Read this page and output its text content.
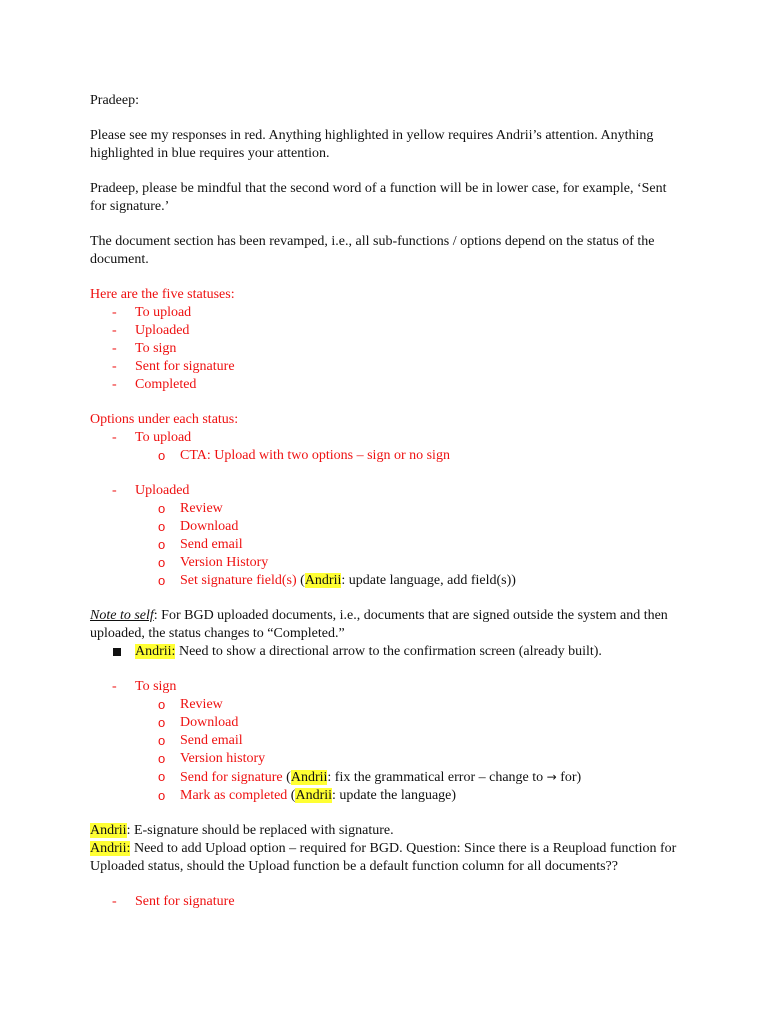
Pradeep:

Please see my responses in red. Anything highlighted in yellow requires Andrii’s attention. Anything highlighted in blue requires your attention.

Pradeep, please be mindful that the second word of a function will be in lower case, for example, ‘Sent for signature.’

The document section has been revamped, i.e., all sub-functions / options depend on the status of the document.

Here are the five statuses:

- To upload
- Uploaded
- To sign
- Sent for signature
- Completed

Options under each status:

- To upload
o CTA: Upload with two options – sign or no sign
- Uploaded
o Review
o Download
o Send email
o Version History
o Set signature field(s) (Andrii: update language, add field(s))

Note to self: For BGD uploaded documents, i.e., documents that are signed outside the system and then uploaded, the status changes to “Completed.”

Andrii: Need to show a directional arrow to the confirmation screen (already built).
- To sign
o Review
o Download
o Send email
o Version history
o Send for signature (Andrii: fix the grammatical error – change to → for)
o Mark as completed (Andrii: update the language)

Andrii: E-signature should be replaced with signature.

Andrii: Need to add Upload option – required for BGD. Question: Since there is a Reupload function for Uploaded status, should the Upload function be a default function column for all documents??

- Sent for signature
